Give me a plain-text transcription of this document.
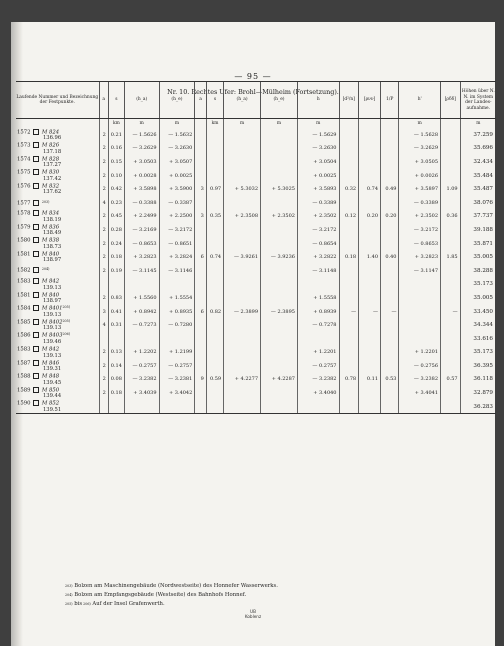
— 95 —
Nr. 10. Rechtes Ufer: Brohl—Mülheim (Fortsetzung).
$^{203)}$ Bolzen am Maschinengebäude (Nordwestseite) des Honnefer Wasserwerks.
$^{204)}$ Bolzen am Empfangsgebäude (Westseite) des Bahnhofs Honnef.
$^{205)}$ bis $^{206)}$ Auf der Insel Grafenwerth.
UB
Koblenz
Laufende Nummer und Bezeichnung der Festpunkte.	a	s	(h_a)	(h_e)	a	s	(h_a)	(h_e)	h	[d²/n]	[ρνν]	1/P	h'	[ρδδ]	Höhen über N. N. im System der Landes-aufnahme.
		km	m	m		km	m	m	m				m		m

1572  M 824
136.96	2	0.21	— 1.5626	— 1.5632					— 1.5629				— 1.5628		37.259

1573  M 826
137.18	2	0.16	— 3.2629	— 3.2630					— 3.2630				— 3.2629		35.696

1574  M 828
137.27	2	0.15	+ 3.0503	+ 3.0507					+ 3.0504				+ 3.0505		32.434

1575  M 830
137.42	2	0.10	+ 0.0028	+ 0.0025					+ 0.0025				+ 0.0026		35.484

1576  M 832
137.62	2	0.42	+ 3.5898	+ 3.5900	3	0.97	+ 5.3032	+ 5.3025	+ 3.5893	0.32	0.74	0.49	+ 3.5897	1.09	35.487

1577 $^{203)}$	4	0.23	— 0.3388	— 0.3387					— 0.3389				— 0.3389		38.076

1578  M 834
138.19	2	0.45	+ 2.2499	+ 2.2500	3	0.35	+ 2.3508	+ 2.3502	+ 2.3502	0.12	0.20	0.20	+ 2.3502	0.36	37.737

1579  M 836
138.49	2	0.28	— 3.2169	— 3.2172					— 3.2172				— 3.2172		39.188

1580  M 838
138.73	2	0.24	— 0.8653	— 0.8651					— 0.8654				— 0.8653		35.871

1581  M 840
138.97	2	0.18	+ 3.2823	+ 3.2824	6	0.74	— 3.9261	— 3.9236	+ 3.2822	0.18	1.40	0.40	+ 3.2823	1.85	35.005

1582 $^{204)}$	2	0.19	— 3.1145	— 3.1146					— 3.1148				— 3.1147		38.288

1583  M 842
139.13															35.173

1581  M 840
138.97	2	0.83	+ 1.5560	+ 1.5554					+ 1.5558						35.005

1584  M 8401$^{205)}$
139.13	3	0.41	+ 0.8942	+ 0.8935	6	0.82	— 2.3899	— 2.3895	+ 0.8939	—	—	—		—	33.450

1585  M 8402$^{205)}$
139.13	4	0.31	— 0.7273	— 0.7280					— 0.7278						34.344

1586  M 8403$^{206)}$
139.46															33.616

1583  M 842
139.13	2	0.13	+ 1.2202	+ 1.2199					+ 1.2201				+ 1.2201		35.173

1587  M 846
139.31	2	0.14	— 0.2757	— 0.2757					— 0.2757				— 0.2756		36.395

1588  M 848
139.45	2	0.08	— 3.2382	— 3.2381	9	0.59	+ 4.2277	+ 4.2287	— 3.2382	0.78	0.11	0.53	— 3.2382	0.57	36.118

1589  M 850
139.44	2	0.18	+ 3.4039	+ 3.4042					+ 3.4040				+ 3.4041		32.879

1590  M 852
139.51															36.283
